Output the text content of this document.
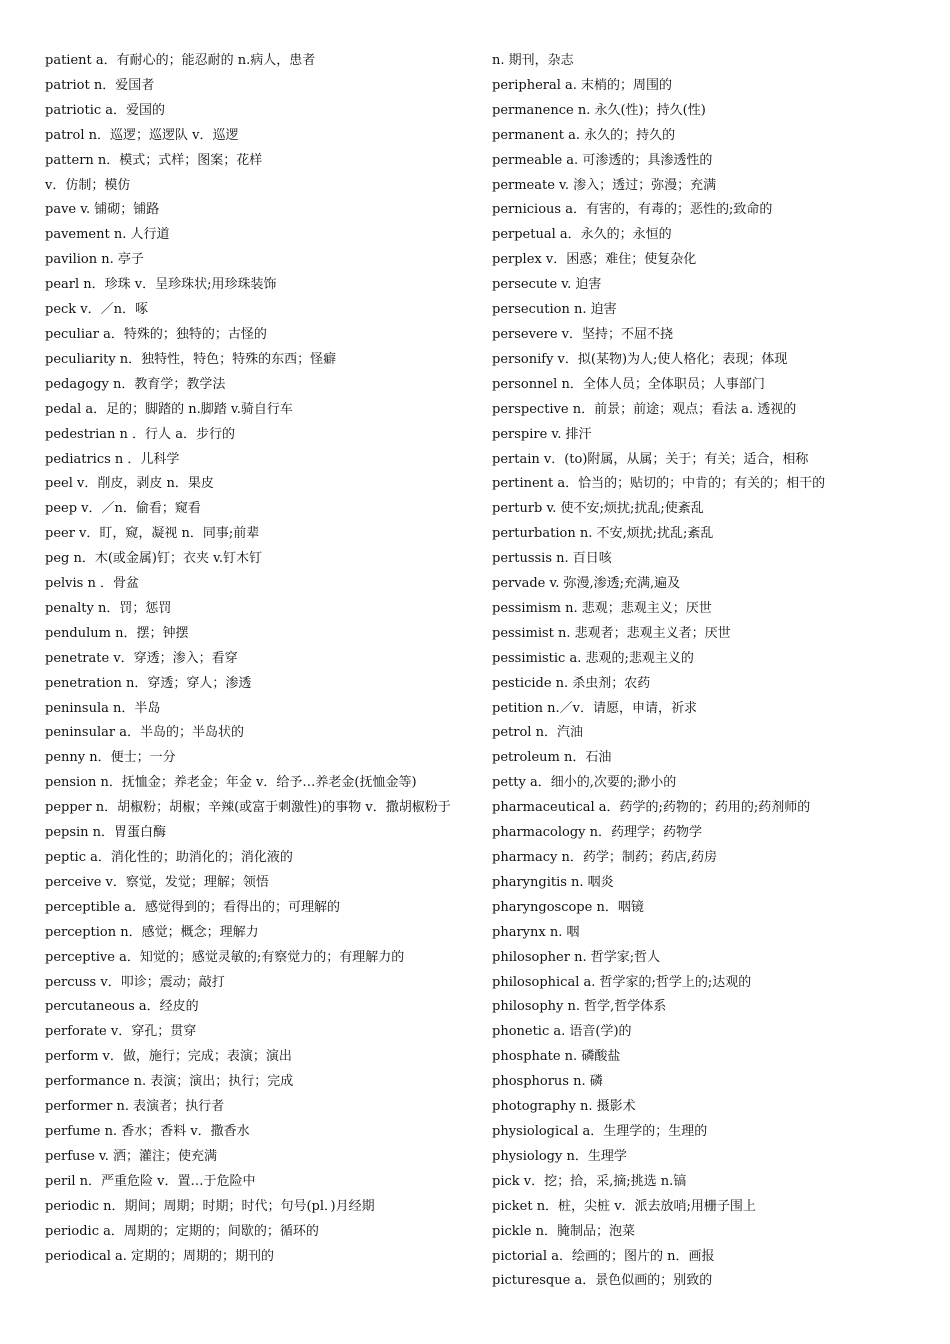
patient a．有耐心的；能忍耐的 n.病人，患者

patriot n．爱国者

patriotic a．爱国的

patrol n．巡逻；巡逻队 v．巡逻

pattern n．模式；式样；图案；花样

v．仿制；模仿

pave v. 铺砌；铺路

pavement n. 人行道

pavilion n. 亭子

pearl n．珍珠 v．呈珍珠状;用珍珠装饰

peck v．／n．啄

peculiar a．特殊的；独特的；古怪的

peculiarity n．独特性，特色；特殊的东西；怪癖

pedagogy n．教育学；教学法

pedal a．足的；脚踏的 n.脚踏 v.骑自行车

pedestrian n ．行人 a．步行的

pediatrics n ．儿科学

peel v．削皮，剥皮 n．果皮

peep v．／n．偷看；窥看

peer v．盯，窥，凝视 n．同事;前辈

peg n．木(或金属)钉；衣夹 v.钉木钉

pelvis n ．骨盆

penalty n．罚；惩罚

pendulum n．摆；钟摆

penetrate v．穿透；渗入；看穿

penetration n．穿透；穿人；渗透

peninsula n．半岛

peninsular a．半岛的；半岛状的

penny n．便士；一分

pension n．抚恤金；养老金；年金 v．给予…养老金(抚恤金等)

pepper n．胡椒粉；胡椒；辛辣(或富于刺激性)的事物 v．撒胡椒粉于

pepsin n．胃蛋白酶

peptic a．消化性的；助消化的；消化液的

perceive v．察觉，发觉；理解；领悟

perceptible a．感觉得到的；看得出的；可理解的

perception n．感觉；概念；理解力

perceptive a．知觉的；感觉灵敏的;有察觉力的；有理解力的

percuss v．叩诊；震动；敲打

percutaneous a．经皮的

perforate v．穿孔；贯穿

perform v．做，施行；完成；表演；演出

performance n. 表演；演出；执行；完成

performer n. 表演者；执行者

perfume n. 香水；香料 v．撒香水

perfuse v. 洒；灌注；使充满

peril n．严重危险 v．置…于危险中

periodic n．期间；周期；时期；时代；句号(pl．)月经期

periodic a．周期的；定期的；间歇的；循环的

periodical a. 定期的；周期的；期刊的

n. 期刊，杂志

peripheral a. 末梢的；周围的

permanence n. 永久(性)；持久(性)

permanent a. 永久的；持久的

permeable a. 可渗透的；具渗透性的

permeate v. 渗入；透过；弥漫；充满

pernicious a．有害的，有毒的；恶性的;致命的

perpetual a．永久的；永恒的

perplex v．困惑；难住；使复杂化

persecute v. 迫害

persecution n. 迫害

persevere v．坚持；不屈不挠

personify v．拟(某物)为人;使人格化；表现；体现

personnel n．全体人员；全体职员；人事部门

perspective n．前景；前途；观点；看法 a. 透视的

perspire v. 排汗

pertain v．(to)附属，从属；关于；有关；适合，相称

pertinent a．恰当的；贴切的；中肯的；有关的；相干的

perturb v. 使不安;烦扰;扰乱;使紊乱

perturbation n. 不安,烦扰;扰乱;紊乱

pertussis n. 百日咳

pervade v. 弥漫,渗透;充满,遍及

pessimism n. 悲观；悲观主义；厌世

pessimist n. 悲观者；悲观主义者；厌世

pessimistic a. 悲观的;悲观主义的

pesticide n. 杀虫剂；农药

petition n.／v．请愿，申请，祈求

petrol n．汽油

petroleum n．石油

petty a．细小的,次要的;渺小的

pharmaceutical a．药学的;药物的；药用的;药剂师的

pharmacology n．药理学；药物学

pharmacy n．药学；制药；药店,药房

pharyngitis n. 咽炎

pharyngoscope n．咽镜

pharynx n. 咽

philosopher n. 哲学家;哲人

philosophical a. 哲学家的;哲学上的;达观的

philosophy n. 哲学,哲学体系

phonetic a. 语音(学)的

phosphate n. 磷酸盐

phosphorus n. 磷

photography n. 摄影术

physiological a．生理学的；生理的

physiology n．生理学

pick v．挖；拾，采,摘;挑选 n.镐

picket n．桩，尖桩 v．派去放哨;用栅子围上

pickle n．腌制品；泡菜

pictorial a．绘画的；图片的 n．画报

picturesque a．景色似画的；别致的
